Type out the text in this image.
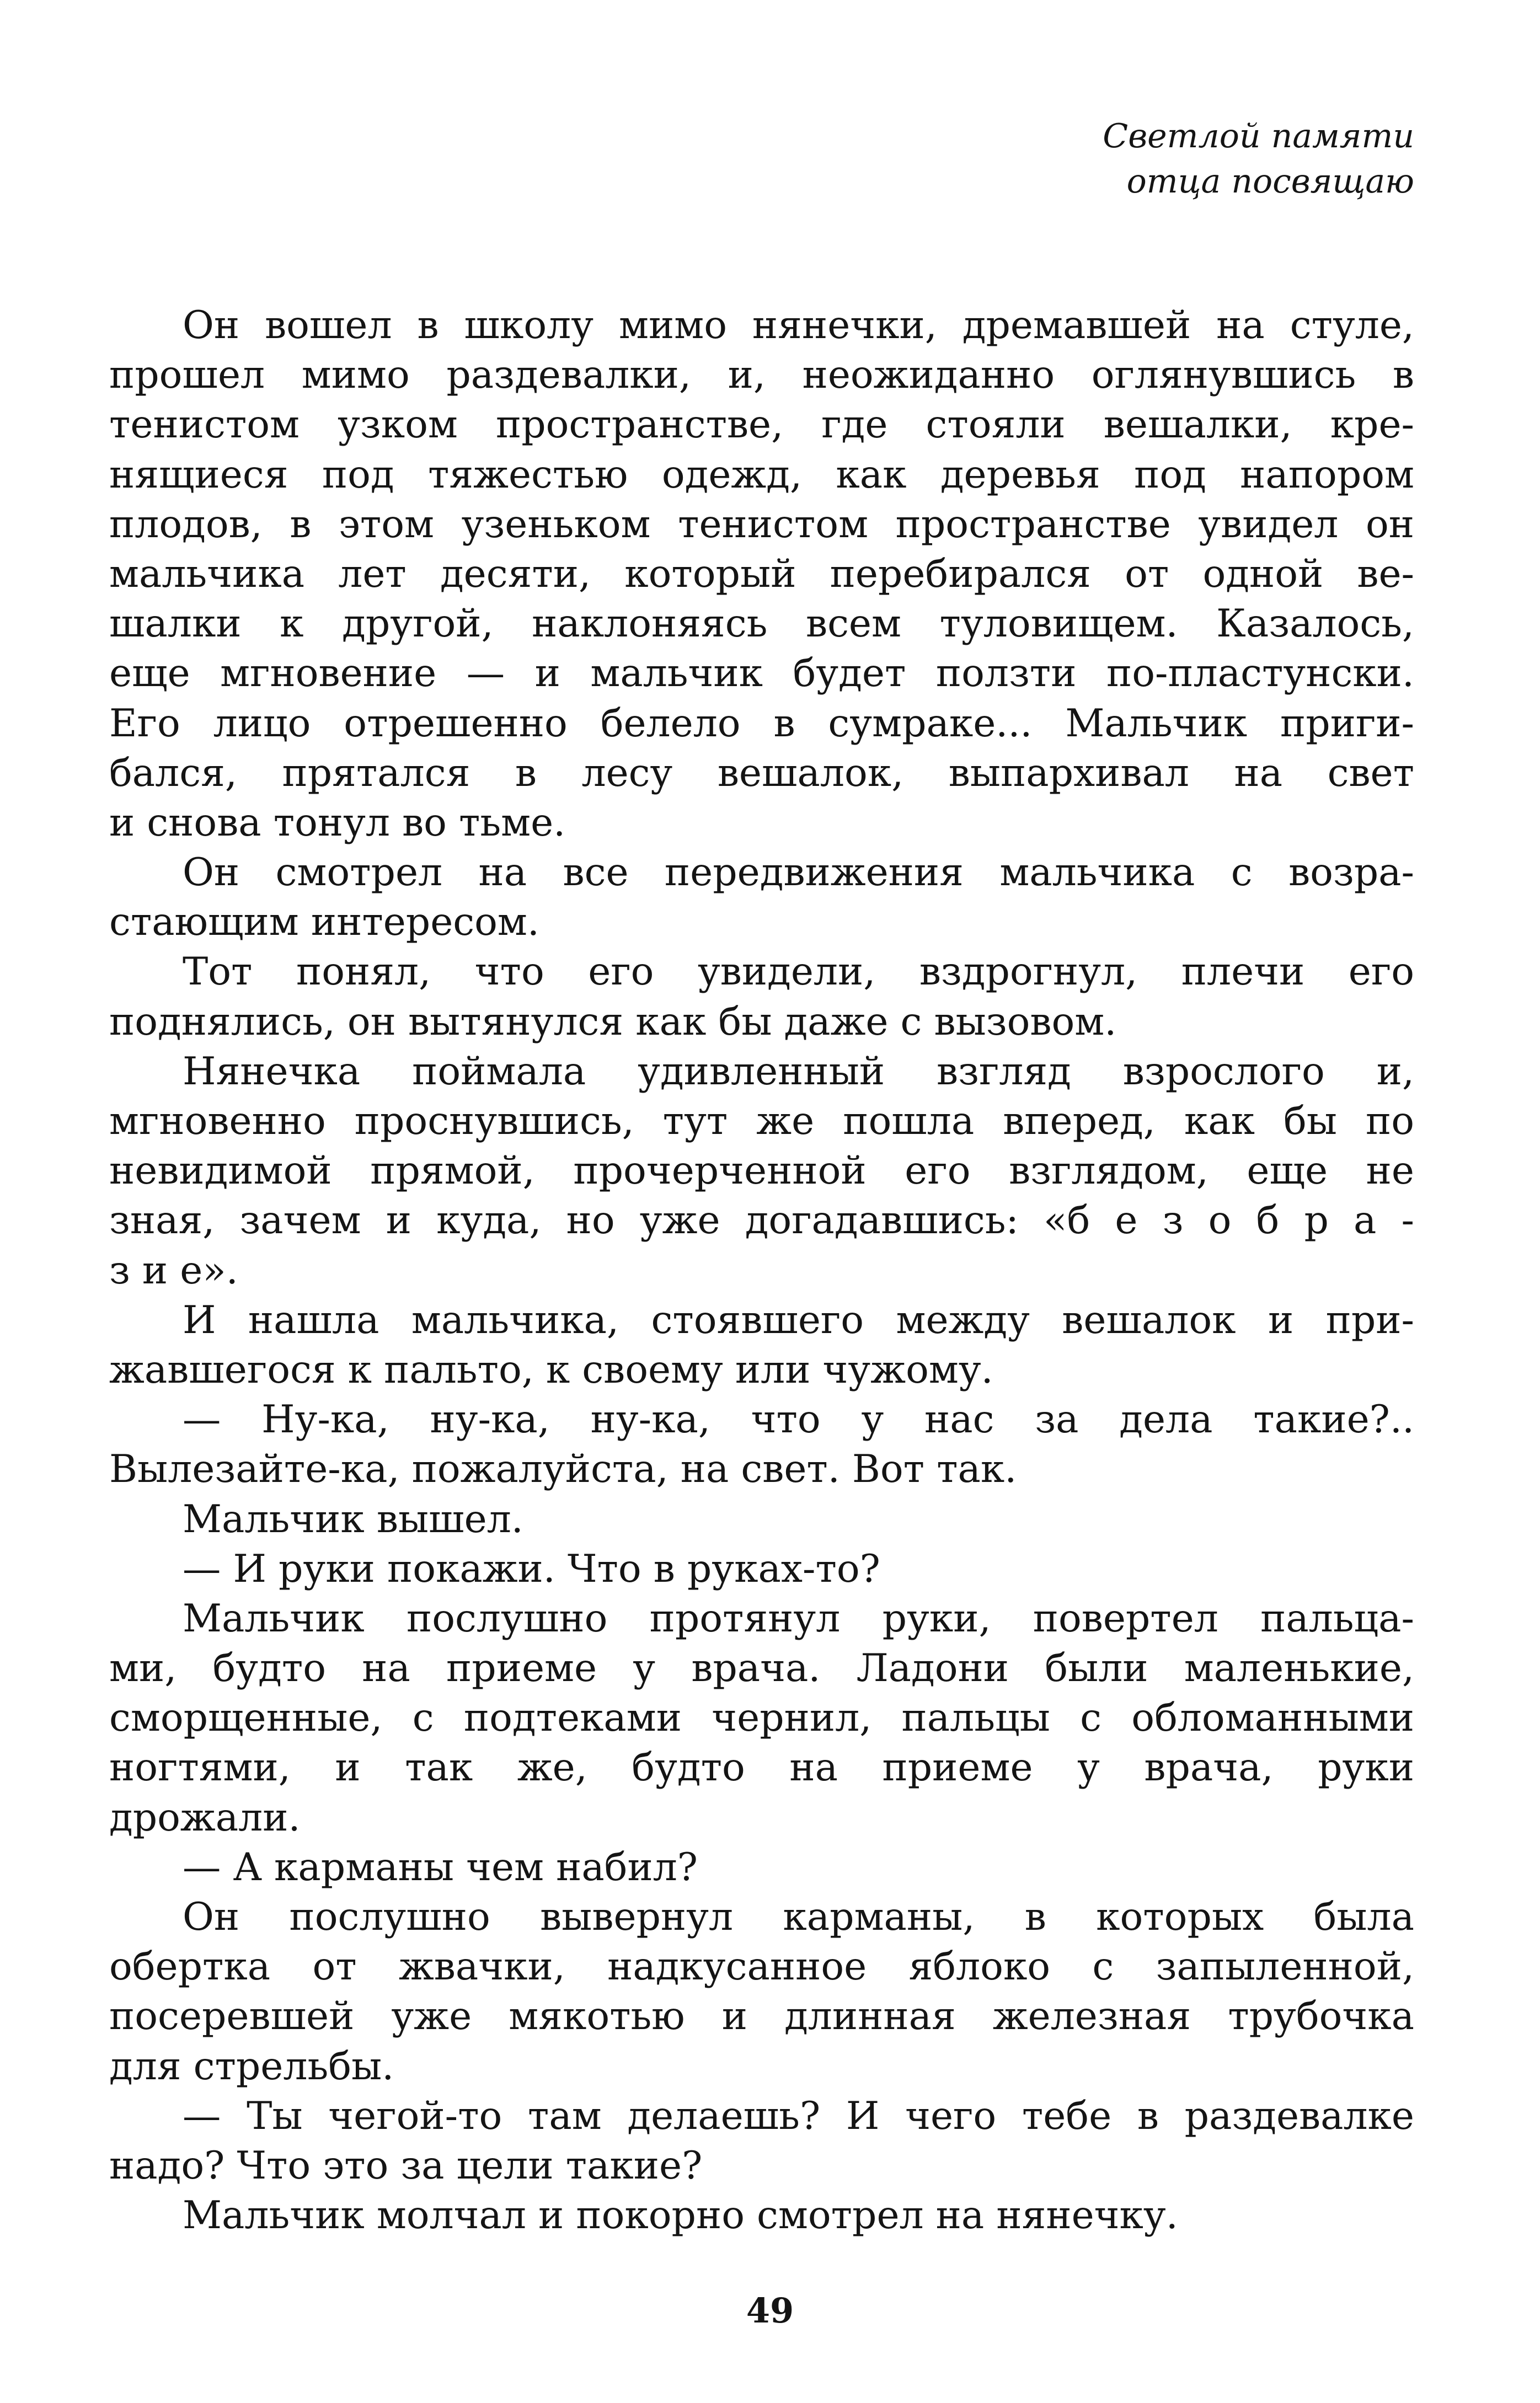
Светлой памяти
отца посвящаю
Он вошел в школу мимо нянечки, дремавшей на стуле,
прошел мимо раздевалки, и, неожиданно оглянувшись в
тенистом узком пространстве, где стояли вешалки, кре-
нящиеся под тяжестью одежд, как деревья под напором
плодов, в этом узеньком тенистом пространстве увидел он
мальчика лет десяти, который перебирался от одной ве-
шалки к другой, наклоняясь всем туловищем. Казалось,
еще мгновение — и мальчик будет ползти по-пластунски.
Его лицо отрешенно белело в сумраке... Мальчик приги-
бался, прятался в лесу вешалок, выпархивал на свет
и снова тонул во тьме.
Он смотрел на все передвижения мальчика с возра-
стающим интересом.
Тот понял, что его увидели, вздрогнул, плечи его
поднялись, он вытянулся как бы даже с вызовом.
Нянечка поймала удивленный взгляд взрослого и,
мгновенно проснувшись, тут же пошла вперед, как бы по
невидимой прямой, прочерченной его взглядом, еще не
зная, зачем и куда, но уже догадавшись: «б е з о б р а -
з и е».
И нашла мальчика, стоявшего между вешалок и при-
жавшегося к пальто, к своему или чужому.
— Ну-ка, ну-ка, ну-ка, что у нас за дела такие?..
Вылезайте-ка, пожалуйста, на свет. Вот так.
Мальчик вышел.
— И руки покажи. Что в руках-то?
Мальчик послушно протянул руки, повертел пальца-
ми, будто на приеме у врача. Ладони были маленькие,
сморщенные, с подтеками чернил, пальцы с обломанными
ногтями, и так же, будто на приеме у врача, руки
дрожали.
— А карманы чем набил?
Он послушно вывернул карманы, в которых была
обертка от жвачки, надкусанное яблоко с запыленной,
посеревшей уже мякотью и длинная железная трубочка
для стрельбы.
— Ты чегой-то там делаешь? И чего тебе в раздевалке
надо? Что это за цели такие?
Мальчик молчал и покорно смотрел на нянечку.
49
